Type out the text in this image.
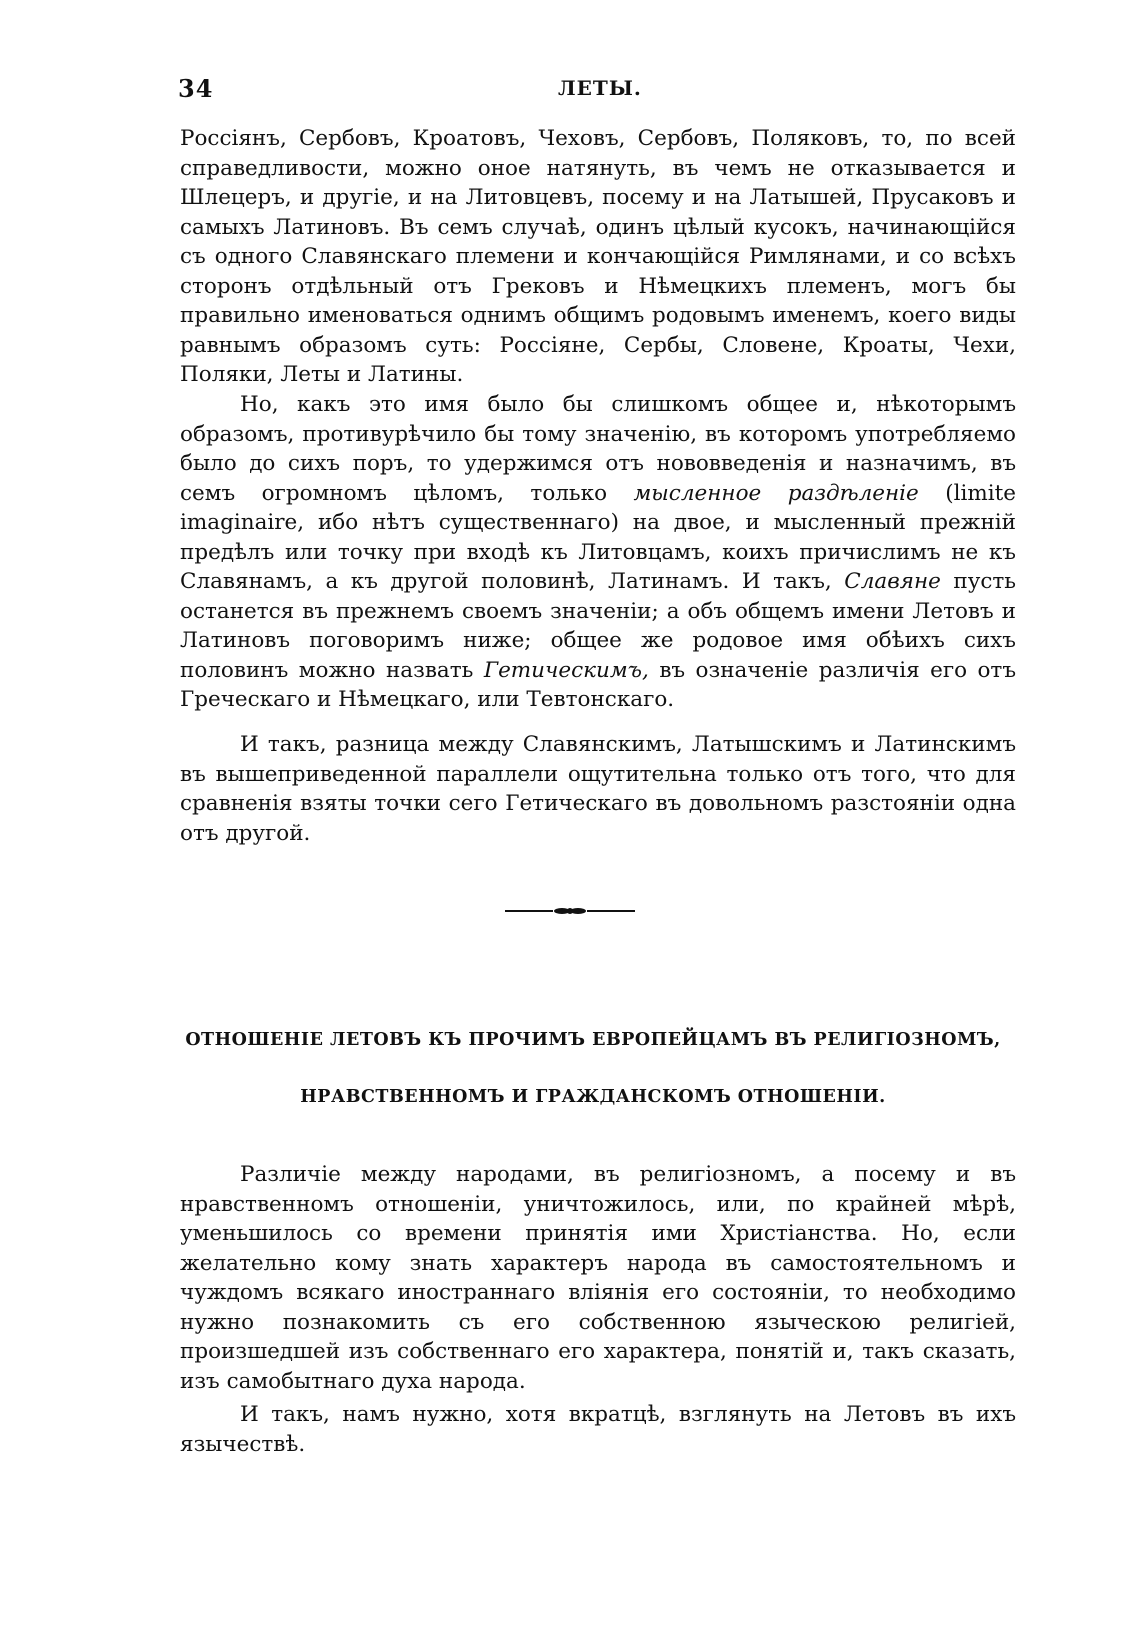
34	ЛЕТЫ.

Россіянъ, Сербовъ, Кроатовъ, Чеховъ, Сербовъ, Поляковъ, то, по всей справедливости, можно оное натянуть, въ чемъ не отказывается и Шлецеръ, и другіе, и на Литовцевъ, посему и на Латышей, Прусаковъ и самыхъ Латиновъ. Въ семъ случаѣ, одинъ цѣлый кусокъ, начинающійся съ одного Славянскаго племени и кончающійся Римлянами, и со всѣхъ сторонъ отдѣльный отъ Грековъ и Нѣмецкихъ племенъ, могъ бы правильно именоваться однимъ общимъ родовымъ именемъ, коего виды равнымъ образомъ суть: Россіяне, Сербы, Словене, Кроаты, Чехи, Поляки, Леты и Латины.

Но, какъ это имя было бы слишкомъ общее и, нѣкоторымъ образомъ, противурѣчило бы тому значенію, въ которомъ употребляемо было до сихъ поръ, то удержимся отъ нововведенія и назначимъ, въ семъ огромномъ цѣломъ, только мысленное раздѣленіе (limite imaginaire, ибо нѣтъ существеннаго) на двое, и мысленный прежній предѣлъ или точку при входѣ къ Литовцамъ, коихъ причислимъ не къ Славянамъ, а къ другой половинѣ, Латинамъ. И такъ, Славяне пусть останется въ прежнемъ своемъ значеніи; а объ общемъ имени Летовъ и Латиновъ поговоримъ ниже; общее же родовое имя обѣихъ сихъ половинъ можно назвать Гетическимъ, въ означеніе различія его отъ Греческаго и Нѣмецкаго, или Тевтонскаго.

И такъ, разница между Славянскимъ, Латышскимъ и Латинскимъ въ вышеприведенной параллели ощутительна только отъ того, что для сравненія взяты точки сего Гетическаго въ довольномъ разстояніи одна отъ другой.

ОТНОШЕНІЕ ЛЕТОВЪ КЪ ПРОЧИМЪ ЕВРОПЕЙЦАМЪ ВЪ РЕЛИГІОЗНОМЪ,
НРАВСТВЕННОМЪ И ГРАЖДАНСКОМЪ ОТНОШЕНІИ.

Различіе между народами, въ религіозномъ, а посему и въ нравственномъ отношеніи, уничтожилось, или, по крайней мѣрѣ, уменьшилось со времени принятія ими Христіанства. Но, если желательно кому знать характеръ народа въ самостоятельномъ и чуждомъ всякаго иностраннаго вліянія его состояніи, то необходимо нужно познакомить съ его собственною языческою религіей, произшедшей изъ собственнаго его характера, понятій и, такъ сказать, изъ самобытнаго духа народа.

И такъ, намъ нужно, хотя вкратцѣ, взглянуть на Летовъ въ ихъ язычествѣ.
